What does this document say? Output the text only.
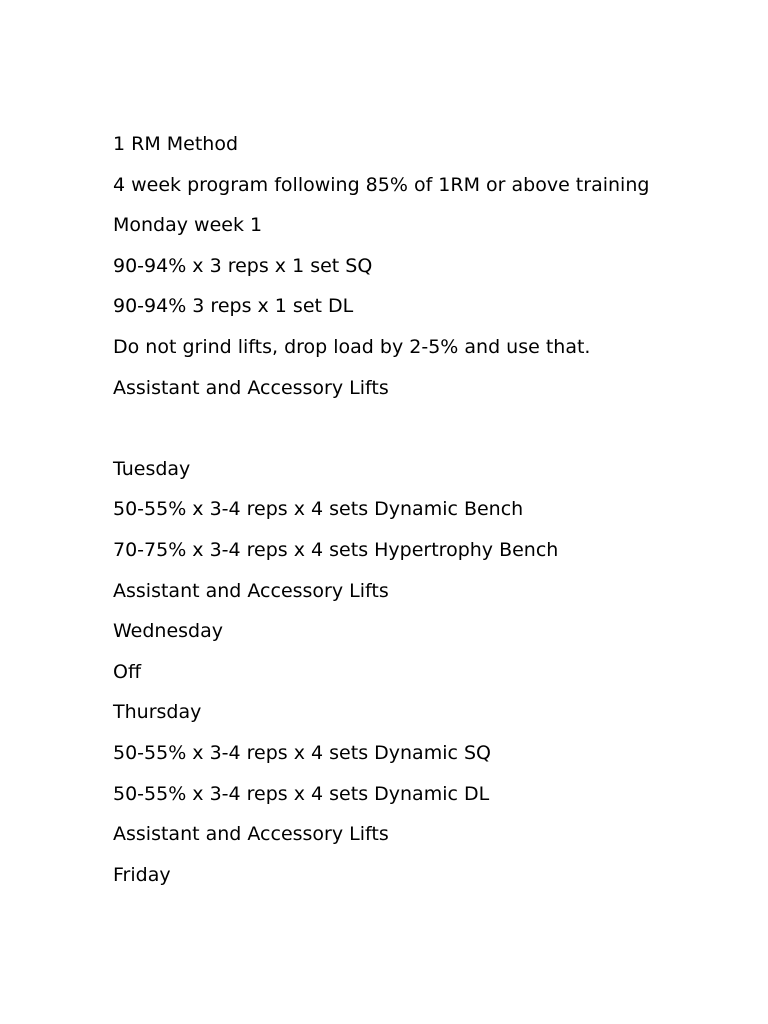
1 RM Method

4 week program following 85% of 1RM or above training

Monday week 1

90-94% x 3 reps x 1 set SQ

90-94% 3 reps x 1 set DL

Do not grind lifts, drop load by 2-5% and use that.

Assistant and Accessory Lifts

Tuesday

50-55% x 3-4 reps x 4 sets Dynamic Bench

70-75% x 3-4 reps x 4 sets Hypertrophy Bench

Assistant and Accessory Lifts

Wednesday

Off

Thursday

50-55% x 3-4 reps x 4 sets Dynamic SQ

50-55% x 3-4 reps x 4 sets Dynamic DL

Assistant and Accessory Lifts

Friday
